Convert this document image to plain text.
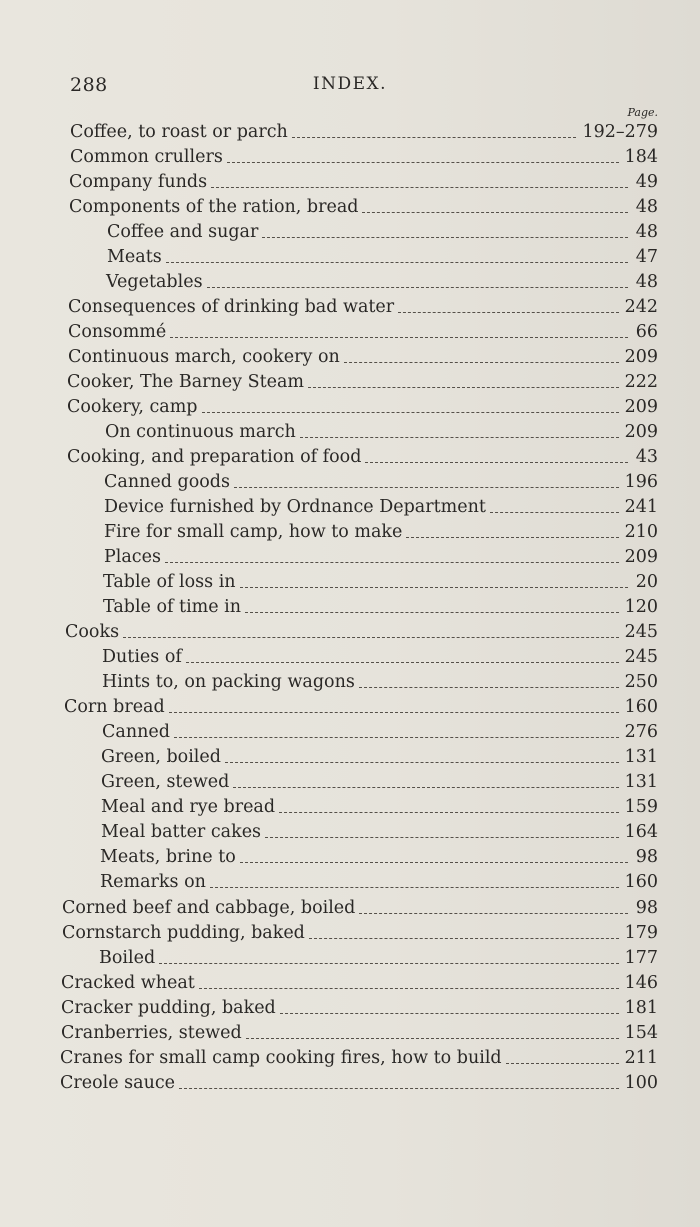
288	INDEX.
Page.
Coffee, to roast or parch	192–279
Common crullers	184
Company funds	49
Components of the ration, bread	48
Coffee and sugar	48
Meats	47
Vegetables	48
Consequences of drinking bad water	242
Consommé	66
Continuous march, cookery on	209
Cooker, The Barney Steam	222
Cookery, camp	209
On continuous march	209
Cooking, and preparation of food	43
Canned goods	196
Device furnished by Ordnance Department	241
Fire for small camp, how to make	210
Places	209
Table of loss in	20
Table of time in	120
Cooks	245
Duties of	245
Hints to, on packing wagons	250
Corn bread	160
Canned	276
Green, boiled	131
Green, stewed	131
Meal and rye bread	159
Meal batter cakes	164
Meats, brine to	98
Remarks on	160
Corned beef and cabbage, boiled	98
Cornstarch pudding, baked	179
Boiled	177
Cracked wheat	146
Cracker pudding, baked	181
Cranberries, stewed	154
Cranes for small camp cooking fires, how to build	211
Creole sauce	100
